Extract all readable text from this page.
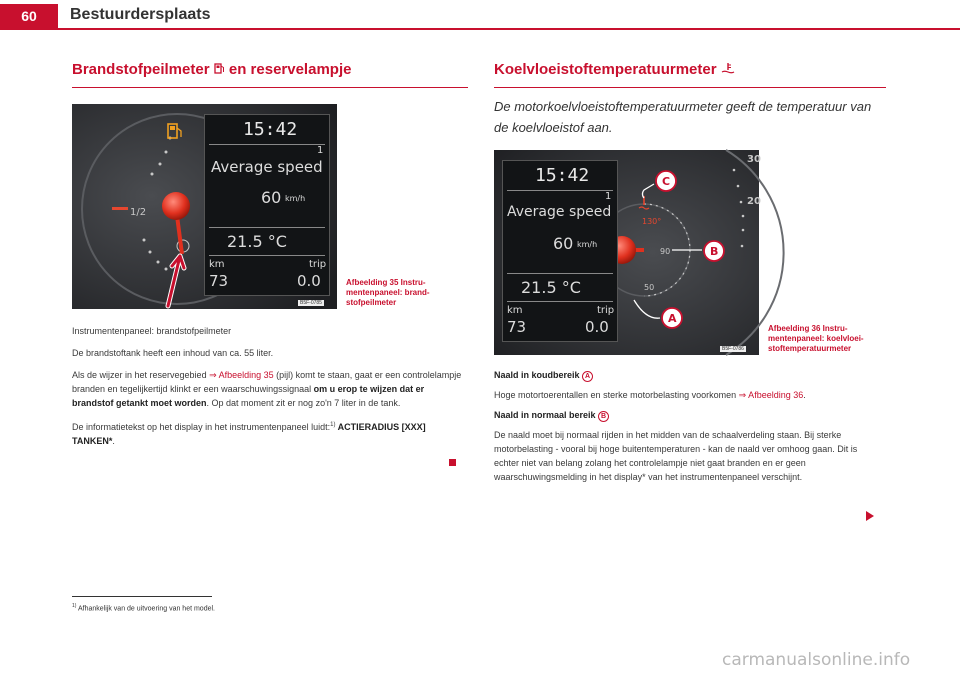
60	Bestuurdersplaats
Brandstofpeilmeter en reservelampje
1/2
15:42
1
Average speed
60 km/h
21.5 °C
km	trip
73	0.0
B5F-0785
Afbeelding 35 Instrumentenpaneel: brandstofpeilmeter
Instrumentenpaneel: brandstofpeilmeter
De brandstoftank heeft een inhoud van ca. 55 liter.
Als de wijzer in het reservegebied ⇒ Afbeelding 35 (pijl) komt te staan, gaat er een controlelampje branden en tegelijkertijd klinkt er een waarschuwingssignaal om u erop te wijzen dat er brandstof getankt moet worden. Op dat moment zit er nog zo'n 7 liter in de tank.
De informatietekst op het display in het instrumentenpaneel luidt:$^{1)}$ ACTIERADIUS [XXX] TANKEN*.
Koelvloeistoftemperatuurmeter
De motorkoelvloeistoftemperatuurmeter geeft de temperatuur van de koelvloeistof aan.
130°
90
50
30
20
C
B
A
15:42
1
Average speed
60 km/h
21.5 °C
km	trip
73	0.0
B5F-0786
Afbeelding 36 Instrumentenpaneel: koelvloeistoftemperatuurmeter
Naald in koudbereik A
Hoge motortoerentallen en sterke motorbelasting voorkomen ⇒ Afbeelding 36.
Naald in normaal bereik B
De naald moet bij normaal rijden in het midden van de schaalverdeling staan. Bij sterke motorbelasting - vooral bij hoge buitentemperaturen - kan de naald ver omhoog gaan. Dit is echter niet van belang zolang het controlelampje niet gaat branden en er geen waarschuwingsmelding in het display* van het instrumentenpaneel verschijnt.
$^{1)}$ Afhankelijk van de uitvoering van het model.
carmanualsonline.info
